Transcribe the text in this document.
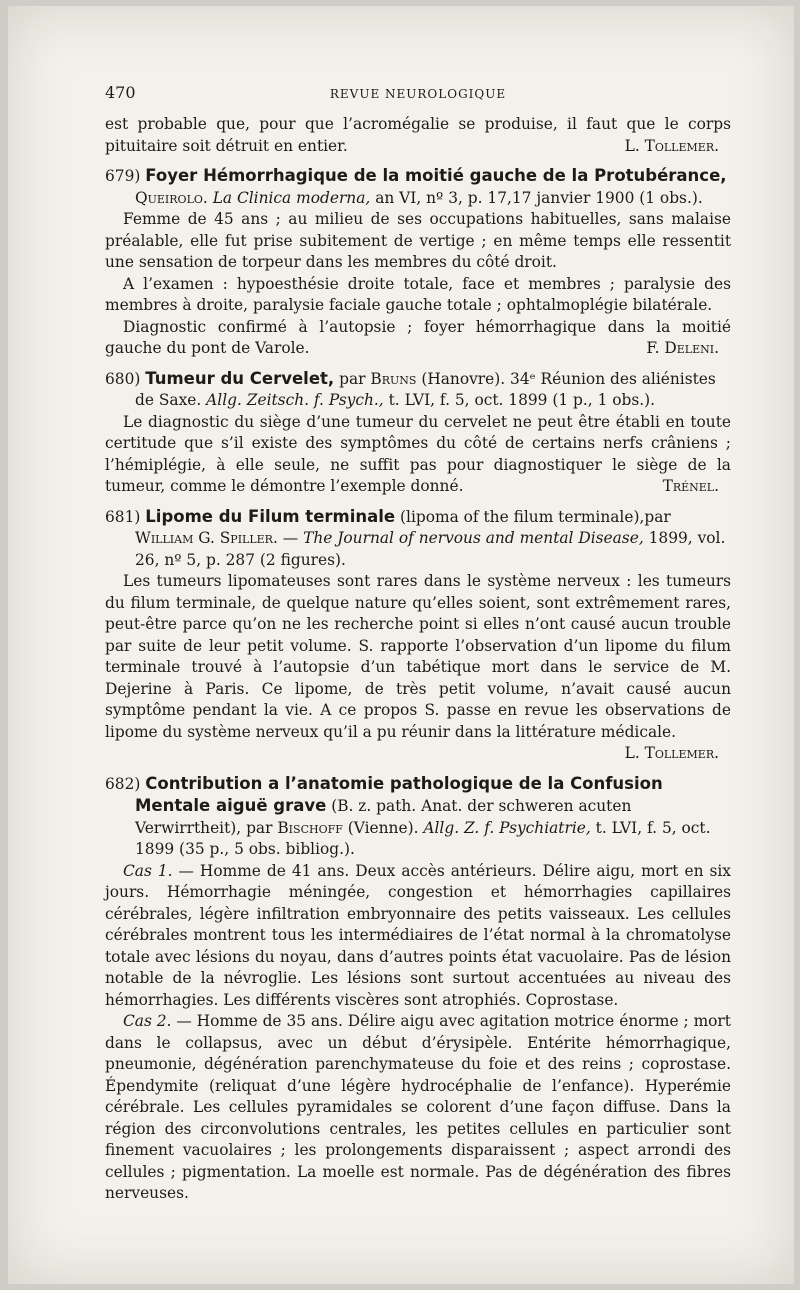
470	REVUE NEUROLOGIQUE

est probable que, pour que l’acromégalie se produise, il faut que le corps pituitaire soit détruit en entier.	L. Tollemer.

679) Foyer Hémorrhagique de la moitié gauche de la Protubérance, Queirolo. La Clinica moderna, an VI, nº 3, p. 17,17 janvier 1900 (1 obs.).

Femme de 45 ans ; au milieu de ses occupations habituelles, sans malaise préalable, elle fut prise subitement de vertige ; en même temps elle ressentit une sensation de torpeur dans les membres du côté droit.

A l’examen : hypoesthésie droite totale, face et membres ; paralysie des membres à droite, paralysie faciale gauche totale ; ophtalmoplégie bilatérale.

Diagnostic confirmé à l’autopsie ; foyer hémorrhagique dans la moitié gauche du pont de Varole.	F. Deleni.

680) Tumeur du Cervelet, par Bruns (Hanovre). 34ᵉ Réunion des aliénistes de Saxe. Allg. Zeitsch. f. Psych., t. LVI, f. 5, oct. 1899 (1 p., 1 obs.).

Le diagnostic du siège d’une tumeur du cervelet ne peut être établi en toute certitude que s’il existe des symptômes du côté de certains nerfs crâniens ; l’hémiplégie, à elle seule, ne suffit pas pour diagnostiquer le siège de la tumeur, comme le démontre l’exemple donné.	Trénel.

681) Lipome du Filum terminale (lipoma of the filum terminale),par William G. Spiller. — The Journal of nervous and mental Disease, 1899, vol. 26, nº 5, p. 287 (2 figures).

Les tumeurs lipomateuses sont rares dans le système nerveux : les tumeurs du filum terminale, de quelque nature qu’elles soient, sont extrêmement rares, peut-être parce qu’on ne les recherche point si elles n’ont causé aucun trouble par suite de leur petit volume. S. rapporte l’observation d’un lipome du filum terminale trouvé à l’autopsie d’un tabétique mort dans le service de M. Dejerine à Paris. Ce lipome, de très petit volume, n’avait causé aucun symptôme pendant la vie. A ce propos S. passe en revue les observations de lipome du système nerveux qu’il a pu réunir dans la littérature médicale.
L. Tollemer.

682) Contribution a l’anatomie pathologique de la Confusion Mentale aiguë grave (B. z. path. Anat. der schweren acuten Verwirrtheit), par Bischoff (Vienne). Allg. Z. f. Psychiatrie, t. LVI, f. 5, oct. 1899 (35 p., 5 obs. bibliog.).

Cas 1. — Homme de 41 ans. Deux accès antérieurs. Délire aigu, mort en six jours. Hémorrhagie méningée, congestion et hémorrhagies capillaires cérébrales, légère infiltration embryonnaire des petits vaisseaux. Les cellules cérébrales montrent tous les intermédiaires de l’état normal à la chromatolyse totale avec lésions du noyau, dans d’autres points état vacuolaire. Pas de lésion notable de la névroglie. Les lésions sont surtout accentuées au niveau des hémorrhagies. Les différents viscères sont atrophiés. Coprostase.

Cas 2. — Homme de 35 ans. Délire aigu avec agitation motrice énorme ; mort dans le collapsus, avec un début d’érysipèle. Entérite hémorrhagique, pneumonie, dégénération parenchymateuse du foie et des reins ; coprostase. Épendymite (reliquat d’une légère hydrocéphalie de l’enfance). Hyperémie cérébrale. Les cellules pyramidales se colorent d’une façon diffuse. Dans la région des circonvolutions centrales, les petites cellules en particulier sont finement vacuolaires ; les prolongements disparaissent ; aspect arrondi des cellules ; pigmentation. La moelle est normale. Pas de dégénération des fibres nerveuses.
